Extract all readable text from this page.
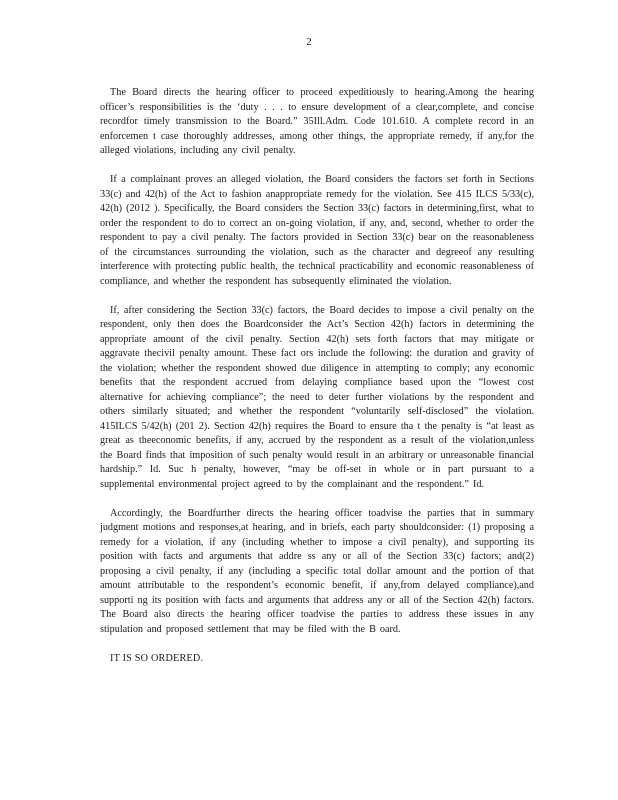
2

The Board directs the hearing officer to proceed expeditiously to hearing.Among the hearing officer’s responsibilities is the ‘duty . . . to ensure development of a clear,complete, and concise recordfor timely transmission to the Board.” 35Ill.Adm. Code 101.610. A complete record in an enforcemen t case thoroughly addresses, among other things, the appropriate remedy, if any,for the alleged violations, including any civil penalty.

If a complainant proves an alleged violation, the Board considers the factors set forth in Sections 33(c) and 42(h) of the Act to fashion anappropriate remedy for the violation. See 415 ILCS 5/33(c), 42(h) (2012 ). Specifically, the Board considers the Section 33(c) factors in determining,first, what to order the respondent to do to correct an on-going violation, if any, and, second, whether to order the respondent to pay a civil penalty. The factors provided in Section 33(c) bear on the reasonableness of the circumstances surrounding the violation, such as the character and degreeof any resulting interference with protecting public health, the technical practicability and economic reasonableness of compliance, and whether the respondent has subsequently eliminated the violation.

If, after considering the Section 33(c) factors, the Board decides to impose a civil penalty on the respondent, only then does the Boardconsider the Act’s Section 42(h) factors in determining the appropriate amount of the civil penalty. Section 42(h) sets forth factors that may mitigate or aggravate thecivil penalty amount. These fact ors include the following: the duration and gravity of the violation; whether the respondent showed due diligence in attempting to comply; any economic benefits that the respondent accrued from delaying compliance based upon the “lowest cost alternative for achieving compliance”; the need to deter further violations by the respondent and others similarly situated; and whether the respondent “voluntarily self-disclosed” the violation. 415ILCS 5/42(h) (201 2). Section 42(h) requires the Board to ensure tha t the penalty is “at least as great as theeconomic benefits, if any, accrued by the respondent as a result of the violation,unless the Board finds that imposition of such penalty would result in an arbitrary or unreasonable financial hardship.” Id. Suc h penalty, however, “may be off-set in whole or in part pursuant to a supplemental environmental project agreed to by the complainant and the respondent.” Id.

Accordingly, the Boardfurther directs the hearing officer toadvise the parties that in summary judgment motions and responses,at hearing, and in briefs, each party shouldconsider: (1) proposing a remedy for a violation, if any (including whether to impose a civil penalty), and supporting its position with facts and arguments that addre ss any or all of the Section 33(c) factors; and(2) proposing a civil penalty, if any (including a specific total dollar amount and the portion of that amount attributable to the respondent’s economic benefit, if any,from delayed compliance),and supporti ng its position with facts and arguments that address any or all of the Section 42(h) factors. The Board also directs the hearing officer toadvise the parties to address these issues in any stipulation and proposed settlement that may be filed with the B oard.

IT IS SO ORDERED.
